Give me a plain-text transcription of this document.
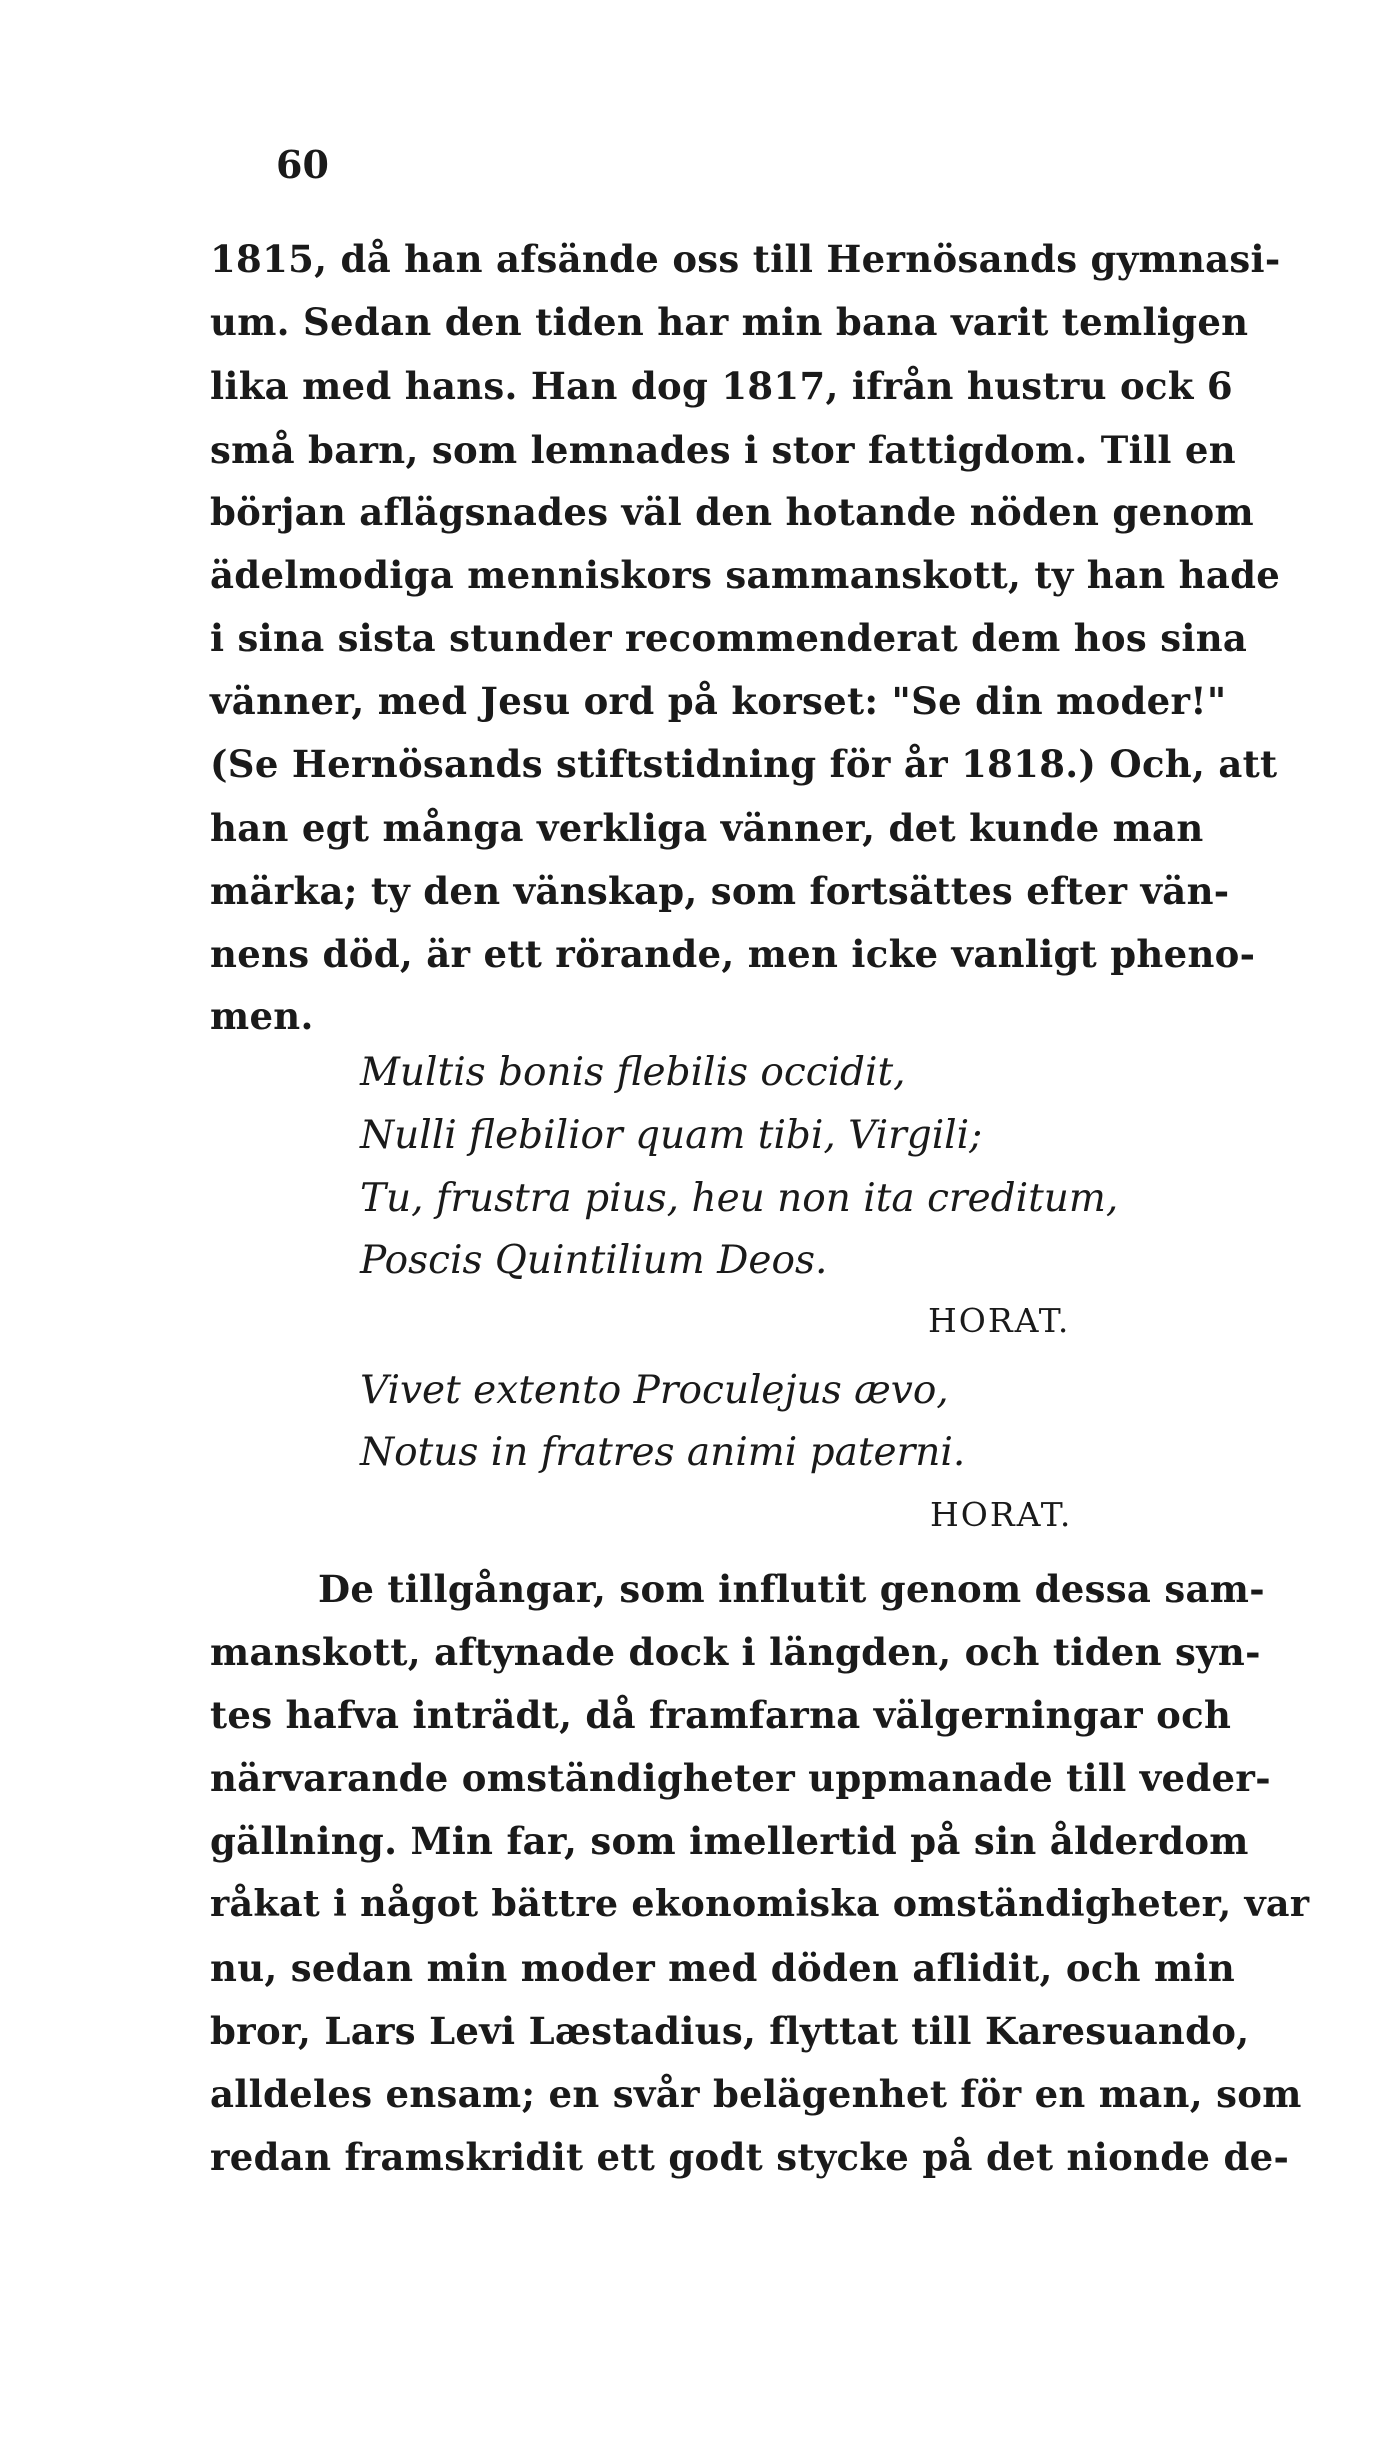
60
1815, då han afsände oss till Hernösands gymnasi-
um. Sedan den tiden har min bana varit temligen
lika med hans. Han dog 1817, ifrån hustru ock 6
små barn, som lemnades i stor fattigdom. Till en
början aflägsnades väl den hotande nöden genom
ädelmodiga menniskors sammanskott, ty han hade
i sina sista stunder recommenderat dem hos sina
vänner, med Jesu ord på korset: "Se din moder!"
(Se Hernösands stiftstidning för år 1818.) Och, att
han egt många verkliga vänner, det kunde man
märka; ty den vänskap, som fortsättes efter vän-
nens död, är ett rörande, men icke vanligt pheno-
men.
Multis bonis flebilis occidit,
Nulli flebilior quam tibi, Virgili;
Tu, frustra pius, heu non ita creditum,
Poscis Quintilium Deos.
HORAT.
Vivet extento Proculejus ævo,
Notus in fratres animi paterni.
HORAT.
De tillgångar, som influtit genom dessa sam-
manskott, aftynade dock i längden, och tiden syn-
tes hafva inträdt, då framfarna välgerningar och
närvarande omständigheter uppmanade till veder-
gällning. Min far, som imellertid på sin ålderdom
råkat i något bättre ekonomiska omständigheter, var
nu, sedan min moder med döden aflidit, och min
bror, Lars Levi Læstadius, flyttat till Karesuando,
alldeles ensam; en svår belägenhet för en man, som
redan framskridit ett godt stycke på det nionde de-
